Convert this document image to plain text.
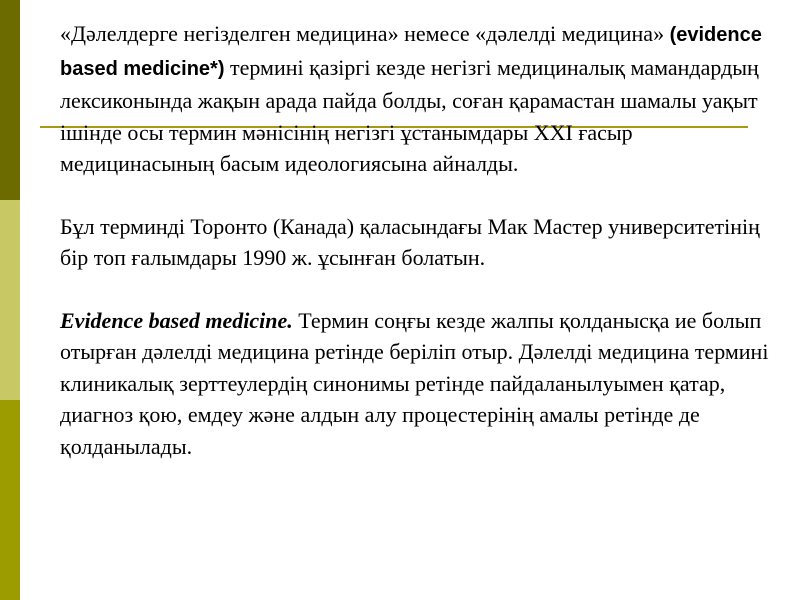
«Дәлелдерге негізделген медицина» немесе «дәлелді медицина» (evidence based medicine*) термині қазіргі кезде негізгі медициналық мамандардың лексиконында жақын арада пайда болды, соған қарамастан шамалы уақыт ішінде осы термин мәнісінің негізгі ұстанымдары ХХІ ғасыр медицинасының басым идеологиясына айналды.

Бұл терминді Торонто (Канада) қаласындағы Мак Мастер университетінің бір топ ғалымдары 1990 ж. ұсынған болатын.

Evidence based medicine. Термин соңғы кезде жалпы қолданысқа ие болып отырған дәлелді медицина ретінде беріліп отыр. Дәлелді медицина термині клиникалық зерттеулердің синонимы ретінде пайдаланылуымен қатар, диагноз қою, емдеу және алдын алу процестерінің амалы ретінде де қолданылады.
